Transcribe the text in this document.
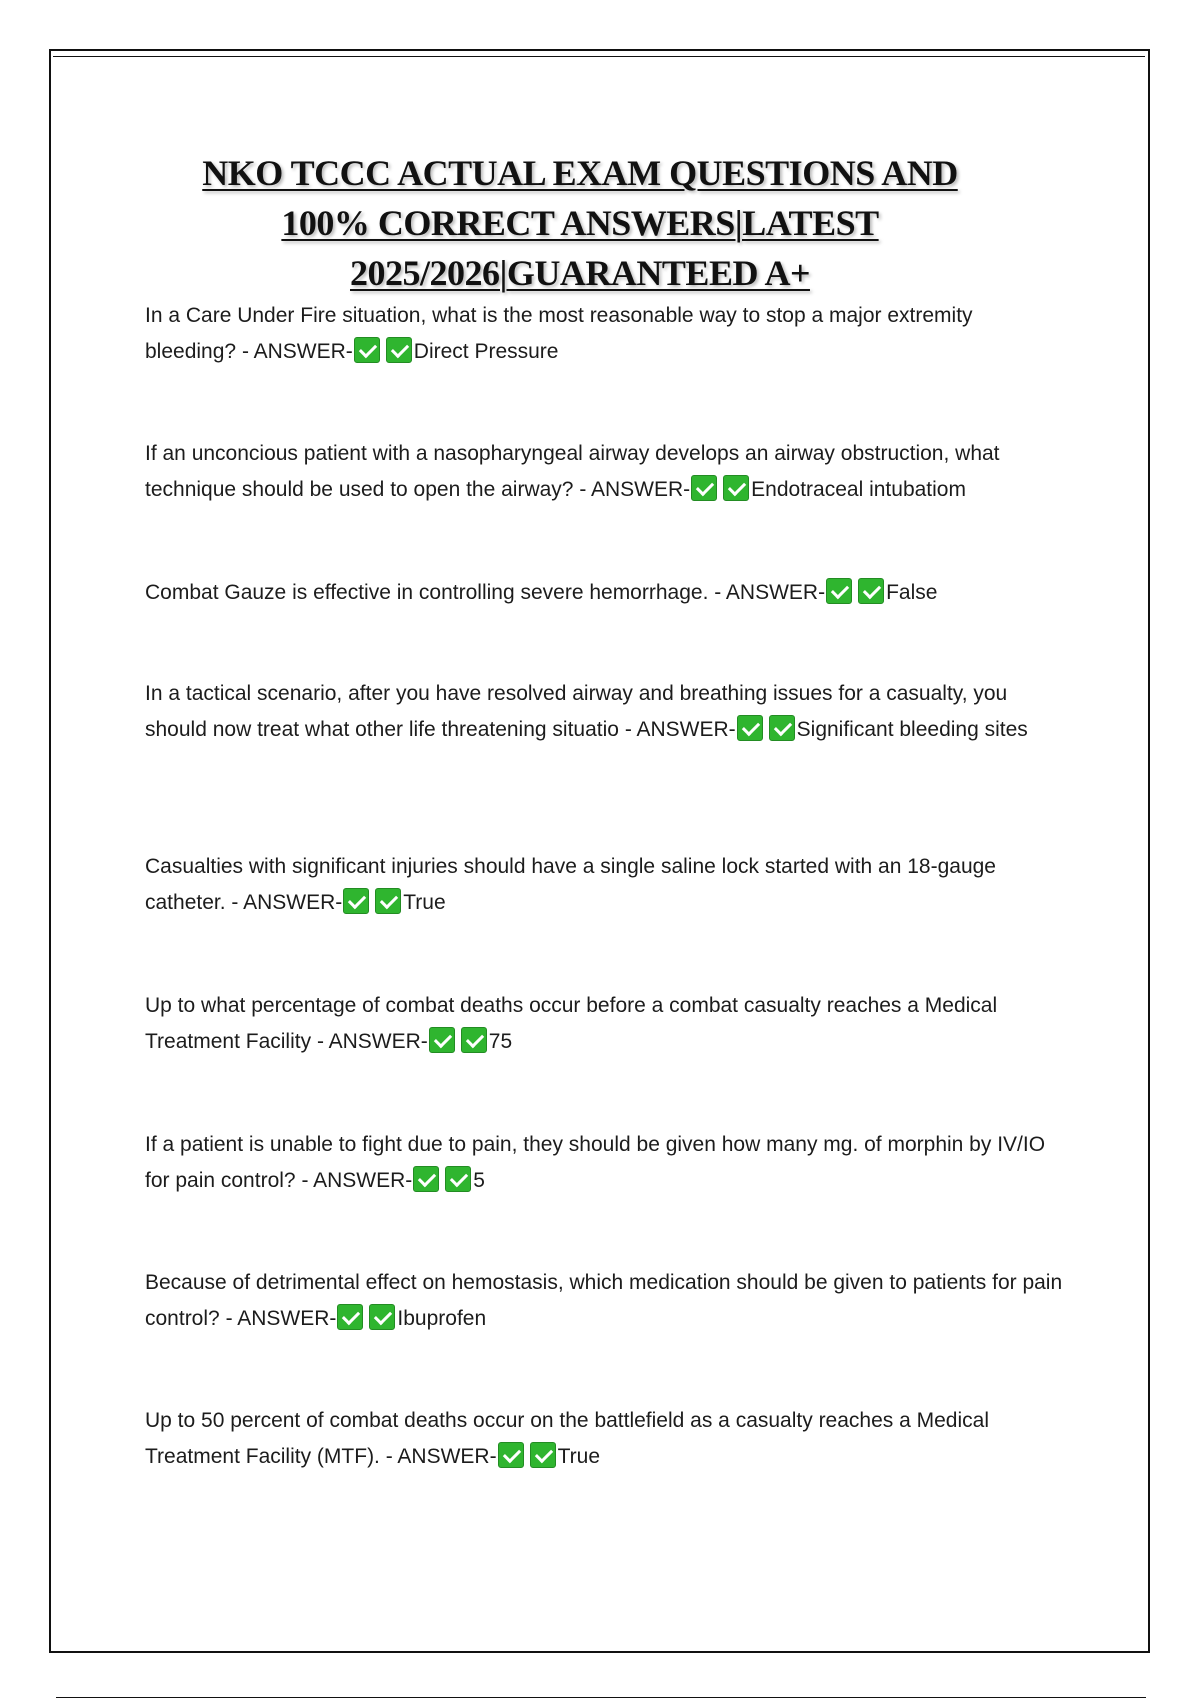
NKO TCCC ACTUAL EXAM QUESTIONS AND
100% CORRECT ANSWERS|LATEST
2025/2026|GUARANTEED A+
In a Care Under Fire situation, what is the most reasonable way to stop a major extremity bleeding? - ANSWER-	Direct Pressure
If an unconcious patient with a nasopharyngeal airway develops an airway obstruction, what technique should be used to open the airway? - ANSWER-	Endotraceal intubatiom
Combat Gauze is effective in controlling severe hemorrhage. - ANSWER-	False
In a tactical scenario, after you have resolved airway and breathing issues for a casualty, you should now treat what other life threatening situatio - ANSWER-	Significant bleeding sites
Casualties with significant injuries should have a single saline lock started with an 18-gauge catheter. - ANSWER-	True
Up to what percentage of combat deaths occur before a combat casualty reaches a Medical Treatment Facility - ANSWER-	75
If a patient is unable to fight due to pain, they should be given how many mg. of morphin by IV/IO for pain control? - ANSWER-	5
Because of detrimental effect on hemostasis, which medication should be given to patients for pain control? - ANSWER-	Ibuprofen
Up to 50 percent of combat deaths occur on the battlefield as a casualty reaches a Medical Treatment Facility (MTF). - ANSWER-	True
